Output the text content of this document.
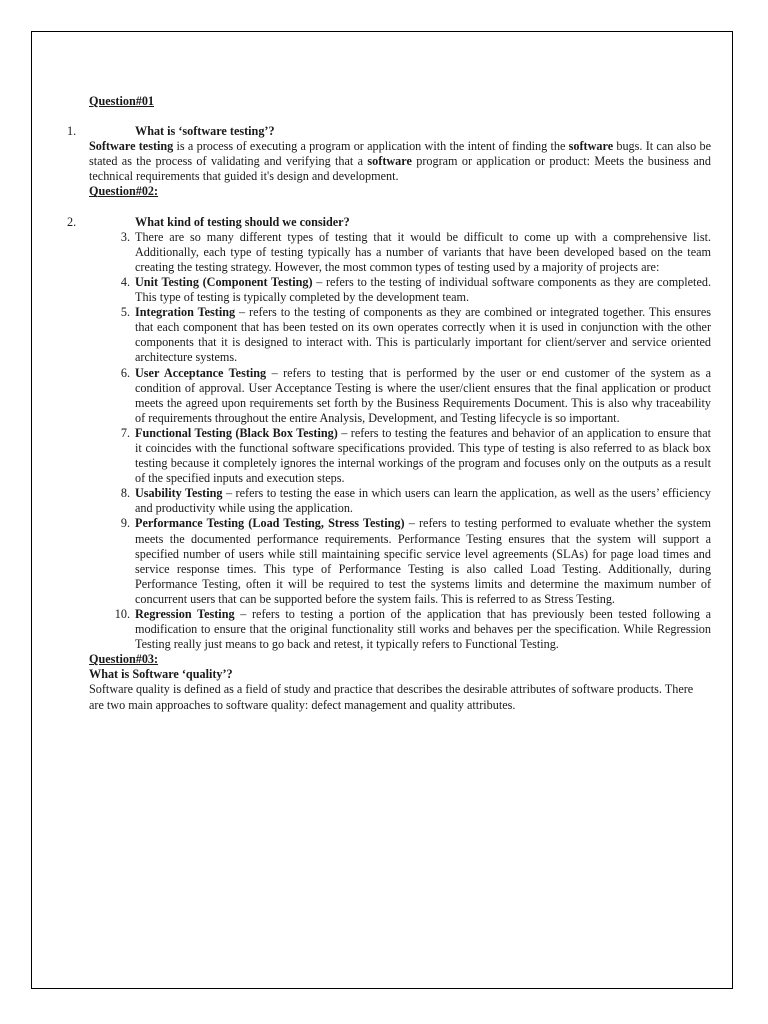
Question#01
1.	What is ‘software testing’?
Software testing is a process of executing a program or application with the intent of finding the software bugs. It can also be stated as the process of validating and verifying that a software program or application or product: Meets the business and technical requirements that guided it's design and development.
Question#02:
2.	What kind of testing should we consider?
3. There are so many different types of testing that it would be difficult to come up with a comprehensive list. Additionally, each type of testing typically has a number of variants that have been developed based on the team creating the testing strategy. However, the most common types of testing used by a majority of projects are:
4. Unit Testing (Component Testing) – refers to the testing of individual software components as they are completed. This type of testing is typically completed by the development team.
5. Integration Testing – refers to the testing of components as they are combined or integrated together. This ensures that each component that has been tested on its own operates correctly when it is used in conjunction with the other components that it is designed to interact with. This is particularly important for client/server and service oriented architecture systems.
6. User Acceptance Testing – refers to testing that is performed by the user or end customer of the system as a condition of approval. User Acceptance Testing is where the user/client ensures that the final application or product meets the agreed upon requirements set forth by the Business Requirements Document. This is also why traceability of requirements throughout the entire Analysis, Development, and Testing lifecycle is so important.
7. Functional Testing (Black Box Testing) – refers to testing the features and behavior of an application to ensure that it coincides with the functional software specifications provided. This type of testing is also referred to as black box testing because it completely ignores the internal workings of the program and focuses only on the outputs as a result of the specified inputs and execution steps.
8. Usability Testing – refers to testing the ease in which users can learn the application, as well as the users’ efficiency and productivity while using the application.
9. Performance Testing (Load Testing, Stress Testing) – refers to testing performed to evaluate whether the system meets the documented performance requirements. Performance Testing ensures that the system will support a specified number of users while still maintaining specific service level agreements (SLAs) for page load times and service response times. This type of Performance Testing is also called Load Testing. Additionally, during Performance Testing, often it will be required to test the systems limits and determine the maximum number of concurrent users that can be supported before the system fails. This is referred to as Stress Testing.
10. Regression Testing – refers to testing a portion of the application that has previously been tested following a modification to ensure that the original functionality still works and behaves per the specification. While Regression Testing really just means to go back and retest, it typically refers to Functional Testing.
Question#03:
What is Software ‘quality’?
Software quality is defined as a field of study and practice that describes the desirable attributes of software products. There are two main approaches to software quality: defect management and quality attributes.
